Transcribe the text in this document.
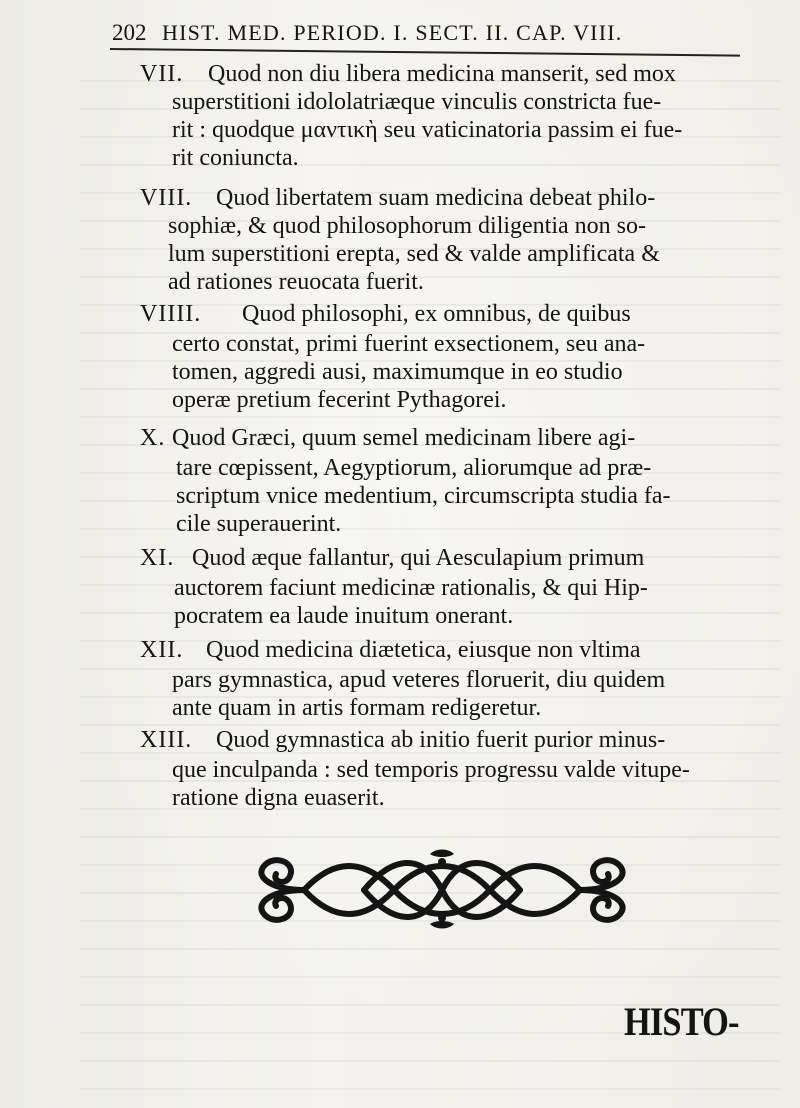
202 HIST. MED. PERIOD. I. SECT. II. CAP. VIII.
VII. Quod non diu libera medicina manserit, sed mox
superstitioni idololatriæque vinculis constricta fue-
rit : quodque μαντικὴ seu vaticinatoria passim ei fue-
rit coniuncta.
VIII. Quod libertatem suam medicina debeat philo-
sophiæ, & quod philosophorum diligentia non so-
lum superstitioni erepta, sed & valde amplificata &
ad rationes reuocata fuerit.
VIIII. Quod philosophi, ex omnibus, de quibus
certo constat, primi fuerint exsectionem, seu ana-
tomen, aggredi ausi, maximumque in eo studio
operæ pretium fecerint Pythagorei.
X. Quod Græci, quum semel medicinam libere agi-
tare cœpissent, Aegyptiorum, aliorumque ad præ-
scriptum vnice medentium, circumscripta studia fa-
cile superauerint.
XI. Quod æque fallantur, qui Aesculapium primum
auctorem faciunt medicinæ rationalis, & qui Hip-
pocratem ea laude inuitum onerant.
XII. Quod medicina diætetica, eiusque non vltima
pars gymnastica, apud veteres floruerit, diu quidem
ante quam in artis formam redigeretur.
XIII. Quod gymnastica ab initio fuerit purior minus-
que inculpanda : sed temporis progressu valde vitupe-
ratione digna euaserit.
HISTO-
